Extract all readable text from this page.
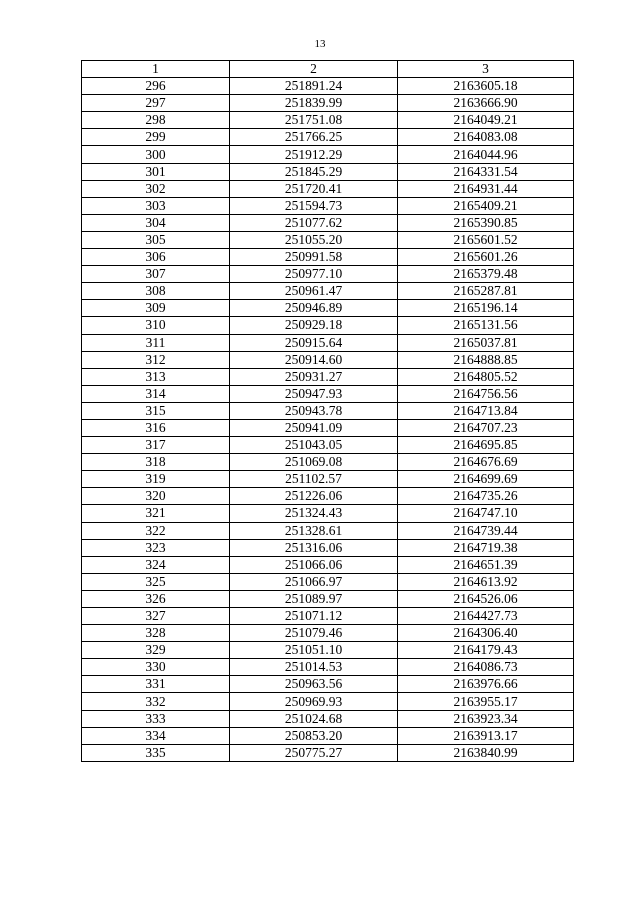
13
1	2	3
296	251891.24	2163605.18
297	251839.99	2163666.90
298	251751.08	2164049.21
299	251766.25	2164083.08
300	251912.29	2164044.96
301	251845.29	2164331.54
302	251720.41	2164931.44
303	251594.73	2165409.21
304	251077.62	2165390.85
305	251055.20	2165601.52
306	250991.58	2165601.26
307	250977.10	2165379.48
308	250961.47	2165287.81
309	250946.89	2165196.14
310	250929.18	2165131.56
311	250915.64	2165037.81
312	250914.60	2164888.85
313	250931.27	2164805.52
314	250947.93	2164756.56
315	250943.78	2164713.84
316	250941.09	2164707.23
317	251043.05	2164695.85
318	251069.08	2164676.69
319	251102.57	2164699.69
320	251226.06	2164735.26
321	251324.43	2164747.10
322	251328.61	2164739.44
323	251316.06	2164719.38
324	251066.06	2164651.39
325	251066.97	2164613.92
326	251089.97	2164526.06
327	251071.12	2164427.73
328	251079.46	2164306.40
329	251051.10	2164179.43
330	251014.53	2164086.73
331	250963.56	2163976.66
332	250969.93	2163955.17
333	251024.68	2163923.34
334	250853.20	2163913.17
335	250775.27	2163840.99
